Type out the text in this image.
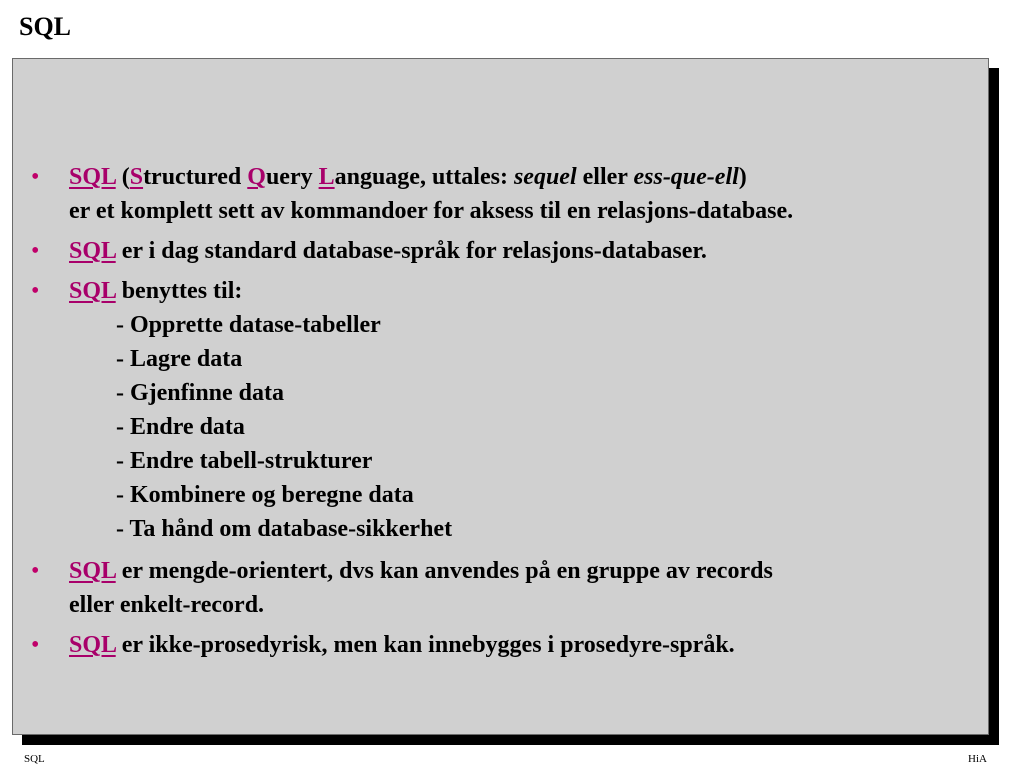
SQL
• SQL (Structured Query Language, uttales: sequel eller ess-que-ell)
er et komplett sett av kommandoer for aksess til en relasjons-database.
• SQL er i dag standard database-språk for relasjons-databaser.
• SQL benyttes til:
- Opprette datase-tabeller
- Lagre data
- Gjenfinne data
- Endre data
- Endre tabell-strukturer
- Kombinere og beregne data
- Ta hånd om database-sikkerhet
• SQL er mengde-orientert, dvs kan anvendes på en gruppe av records
eller enkelt-record.
• SQL er ikke-prosedyrisk, men kan innebygges i prosedyre-språk.
SQL	HiA
